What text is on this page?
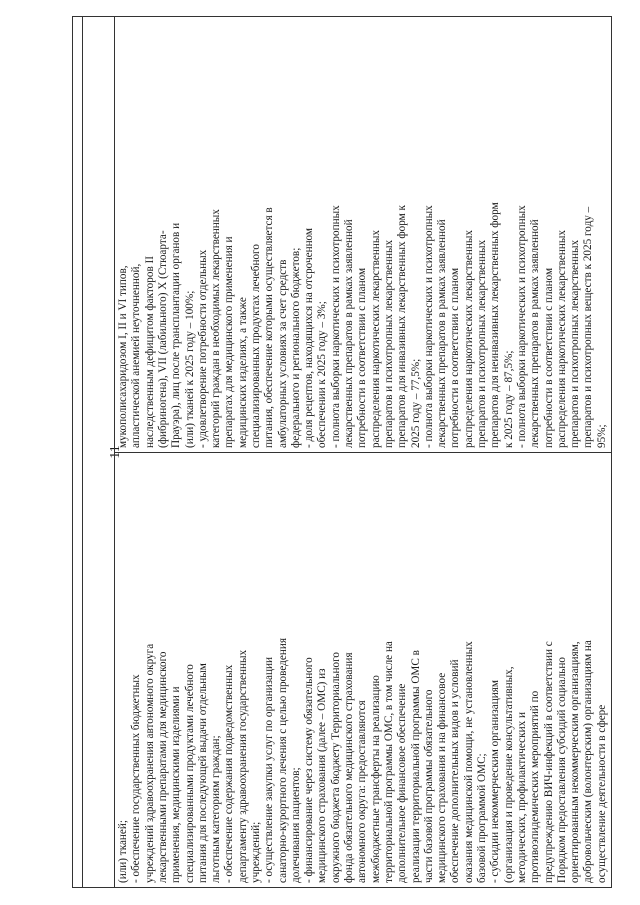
11
(или) тканей;
- обеспечение государственных бюджетных
учреждений здравоохранения автономного округа
лекарственными препаратами для медицинского
применения, медицинскими изделиями и
специализированными продуктами лечебного
питания для последующей выдачи отдельным
льготным категориям граждан;
- обеспечение содержания подведомственных
департаменту здравоохранения государственных
учреждений;
- осуществление закупки услуг по организации
санаторно-курортного лечения с целью проведения
долечивания пациентов;
- финансирование через систему обязательного
медицинского страхования (далее – ОМС) из
окружного бюджета бюджету Территориального
фонда обязательного медицинского страхования
автономного округа: предоставляются
межбюджетные трансферты на реализацию
территориальной программы ОМС, в том числе на
дополнительное финансовое обеспечение
реализации территориальной программы ОМС в
части базовой программы обязательного
медицинского страхования и на финансовое
обеспечение дополнительных видов и условий
оказания медицинской помощи, не установленных
базовой программой ОМС;
- субсидии некоммерческим организациям
(организация и проведение консультативных,
методических, профилактических и
противоэпидемических мероприятий по
предупреждению ВИЧ-инфекций в соответствии с
Порядком предоставления субсидий социально
ориентированным некоммерческим организациям,
добровольческим (волонтерским) организациям на
осуществление деятельности в сфере
мукополисахаридозом I, II и VI типов,
апластической анемией неуточненной,
наследственным дефицитом факторов II
(фибриногена), VII (лабильного) X (Стюарта-
Прауэра), лиц после трансплантации органов и
(или) тканей к 2025 году – 100%;
- удовлетворение потребности отдельных
категорий граждан в необходимых лекарственных
препаратах для медицинского применения и
медицинских изделиях, а также
специализированных продуктах лечебного
питания, обеспечение которыми осуществляется в
амбулаторных условиях за счет средств
федерального и регионального бюджетов;
- доля рецептов, находящихся на отсроченном
обеспечении к 2025 году – 3%;
- полнота выборки наркотических и психотропных
лекарственных препаратов в рамках заявленной
потребности в соответствии с планом
распределения наркотических лекарственных
препаратов и психотропных лекарственных
препаратов для инвазивных лекарственных форм к
2025 году – 77,5%;
- полнота выборки наркотических и психотропных
лекарственных препаратов в рамках заявленной
потребности в соответствии с планом
распределения наркотических лекарственных
препаратов и психотропных лекарственных
препаратов для неинвазивных лекарственных форм
к 2025 году – 87,5%;
- полнота выборки наркотических и психотропных
лекарственных препаратов в рамках заявленной
потребности в соответствии с планом
распределения наркотических лекарственных
препаратов и психотропных лекарственных
препаратов и психотропных веществ к 2025 году –
95%;
